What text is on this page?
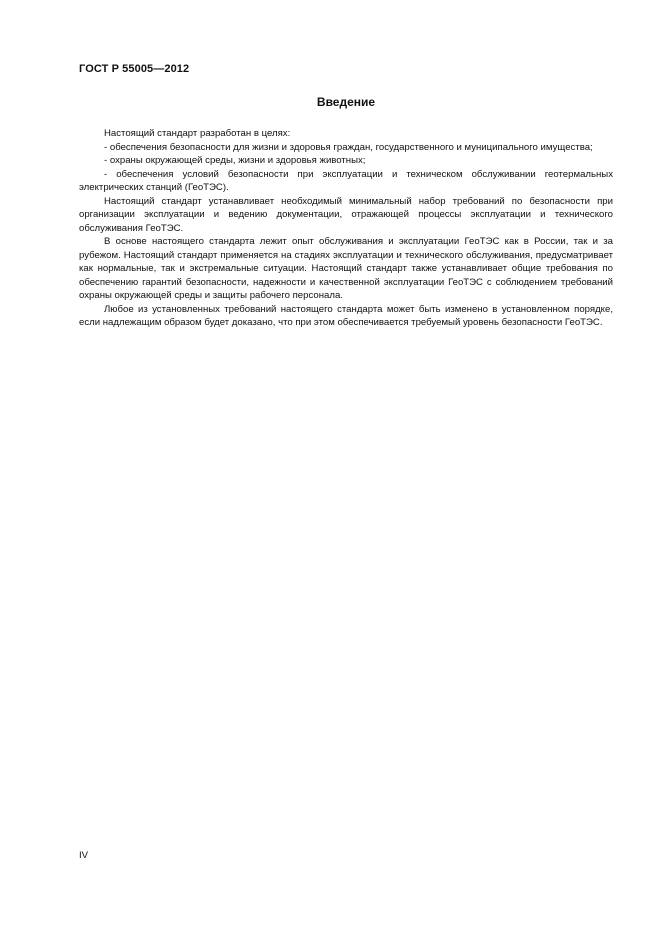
ГОСТ Р 55005—2012
Введение

Настоящий стандарт разработан в целях:

- обеспечения безопасности для жизни и здоровья граждан, государственного и муниципального имущества;

- охраны окружающей среды, жизни и здоровья животных;

- обеспечения условий безопасности при эксплуатации и техническом обслуживании геотермальных электрических станций (ГеоТЭС).

Настоящий стандарт устанавливает необходимый минимальный набор требований по безопасности при организации эксплуатации и ведению документации, отражающей процессы эксплуатации и технического обслуживания ГеоТЭС.

В основе настоящего стандарта лежит опыт обслуживания и эксплуатации ГеоТЭС как в России, так и за рубежом. Настоящий стандарт применяется на стадиях эксплуатации и технического обслуживания, предусматривает как нормальные, так и экстремальные ситуации. Настоящий стандарт также устанавливает общие требования по обеспечению гарантий безопасности, надежности и качественной эксплуатации ГеоТЭС с соблюдением требований охраны окружающей среды и защиты рабочего персонала.

Любое из установленных требований настоящего стандарта может быть изменено в установленном порядке, если надлежащим образом будет доказано, что при этом обеспечивается требуемый уровень безопасности ГеоТЭС.

IV
